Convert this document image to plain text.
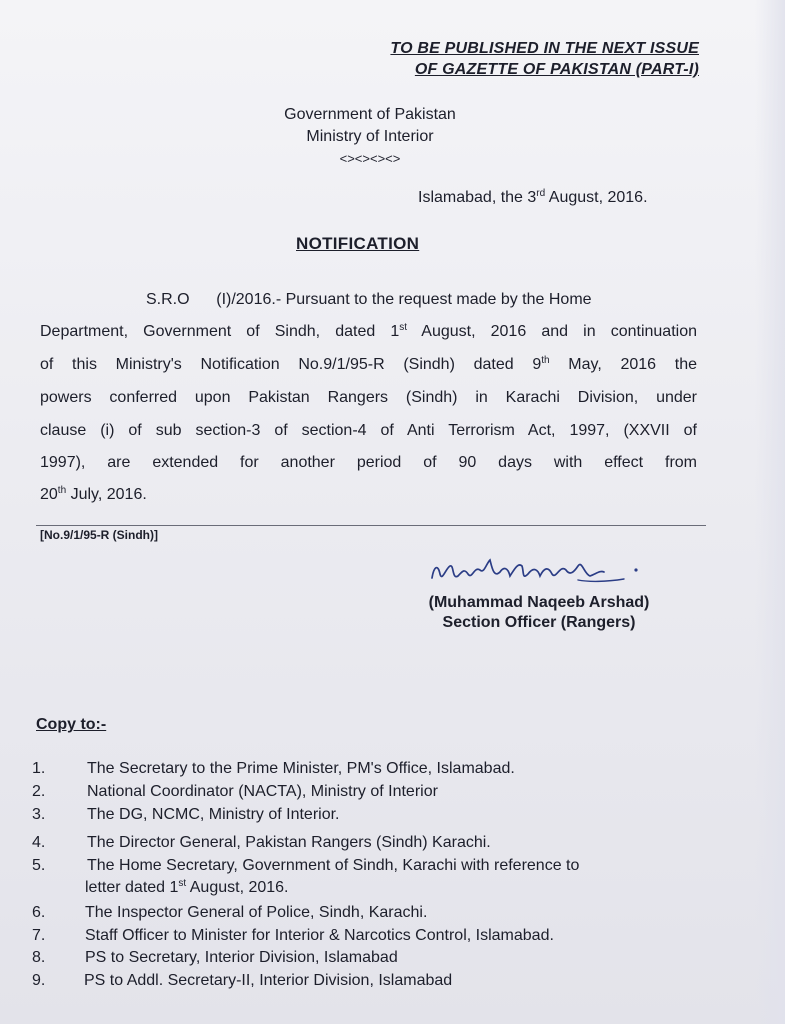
TO BE PUBLISHED IN THE NEXT ISSUE
OF GAZETTE OF PAKISTAN (PART-I)
Government of Pakistan
Ministry of Interior
<><><><>
Islamabad, the 3rd August, 2016.
NOTIFICATION
S.R.O      (I)/2016.- Pursuant to the request made by the Home
Department, Government of Sindh, dated 1st August, 2016 and in continuation
of this Ministry's Notification No.9/1/95-R (Sindh) dated 9th May, 2016 the
powers conferred upon Pakistan Rangers (Sindh) in Karachi Division, under
clause (i) of sub section-3 of section-4 of Anti Terrorism Act, 1997, (XXVII of
1997), are extended for another period of 90 days with effect from
20th July, 2016.
[No.9/1/95-R (Sindh)]
(Muhammad Naqeeb Arshad)
Section Officer (Rangers)
Copy to:-
1.	The Secretary to the Prime Minister, PM's Office, Islamabad.
2.	National Coordinator (NACTA), Ministry of Interior
3.	The DG, NCMC, Ministry of Interior.
4.	The Director General, Pakistan Rangers (Sindh) Karachi.
5.	The Home Secretary, Government of Sindh, Karachi with reference to
letter dated 1st August, 2016.
6. The Inspector General of Police, Sindh, Karachi.
7. Staff Officer to Minister for Interior & Narcotics Control, Islamabad.
8. PS to Secretary, Interior Division, Islamabad
9. PS to Addl. Secretary-II, Interior Division, Islamabad
